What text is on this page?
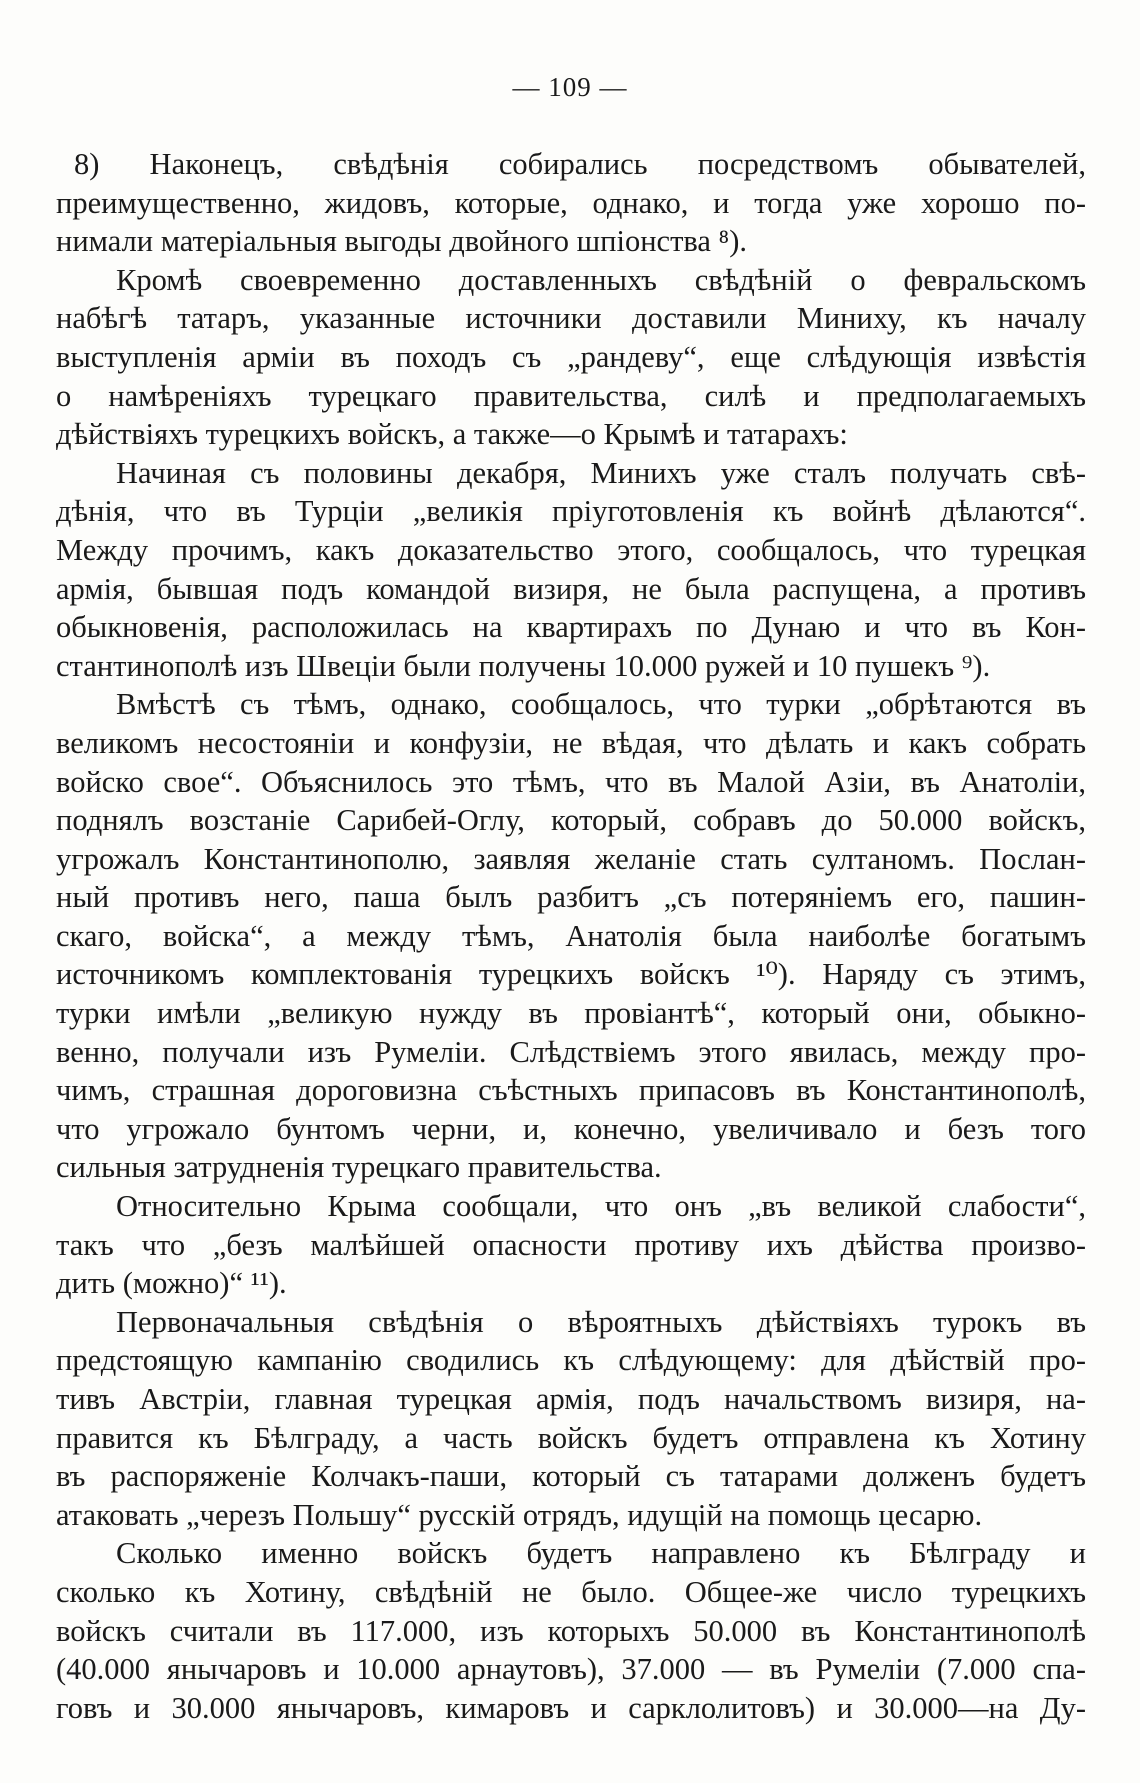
— 109 —
8) Наконецъ, свѣдѣнія собирались посредствомъ обывателей,
преимущественно, жидовъ, которые, однако, и тогда уже хорошо по-
нимали матеріальныя выгоды двойного шпіонства ⁸).
Кромѣ своевременно доставленныхъ свѣдѣній о февральскомъ
набѣгѣ татаръ, указанные источники доставили Миниху, къ началу
выступленія арміи въ походъ съ „рандеву“, еще слѣдующія извѣстія
о намѣреніяхъ турецкаго правительства, силѣ и предполагаемыхъ
дѣйствіяхъ турецкихъ войскъ, а также—о Крымѣ и татарахъ:
Начиная съ половины декабря, Минихъ уже сталъ получать свѣ-
дѣнія, что въ Турціи „великія пріуготовленія къ войнѣ дѣлаются“.
Между прочимъ, какъ доказательство этого, сообщалось, что турецкая
армія, бывшая подъ командой визиря, не была распущена, а противъ
обыкновенія, расположилась на квартирахъ по Дунаю и что въ Кон-
стантинополѣ изъ Швеціи были получены 10.000 ружей и 10 пушекъ ⁹).
Вмѣстѣ съ тѣмъ, однако, сообщалось, что турки „обрѣтаются въ
великомъ несостояніи и конфузіи, не вѣдая, что дѣлать и какъ собрать
войско свое“. Объяснилось это тѣмъ, что въ Малой Азіи, въ Анатоліи,
поднялъ возстаніе Сарибей-Оглу, который, собравъ до 50.000 войскъ,
угрожалъ Константинополю, заявляя желаніе стать султаномъ. Послан-
ный противъ него, паша былъ разбитъ „съ потеряніемъ его, пашин-
скаго, войска“, а между тѣмъ, Анатолія была наиболѣе богатымъ
источникомъ комплектованія турецкихъ войскъ ¹⁰). Наряду съ этимъ,
турки имѣли „великую нужду въ провіантѣ“, который они, обыкно-
венно, получали изъ Румеліи. Слѣдствіемъ этого явилась, между про-
чимъ, страшная дороговизна съѣстныхъ припасовъ въ Константинополѣ,
что угрожало бунтомъ черни, и, конечно, увеличивало и безъ того
сильныя затрудненія турецкаго правительства.
Относительно Крыма сообщали, что онъ „въ великой слабости“,
такъ что „безъ малѣйшей опасности противу ихъ дѣйства произво-
дить (можно)“ ¹¹).
Первоначальныя свѣдѣнія о вѣроятныхъ дѣйствіяхъ турокъ въ
предстоящую кампанію сводились къ слѣдующему: для дѣйствій про-
тивъ Австріи, главная турецкая армія, подъ начальствомъ визиря, на-
правится къ Бѣлграду, а часть войскъ будетъ отправлена къ Хотину
въ распоряженіе Колчакъ-паши, который съ татарами долженъ будетъ
атаковать „черезъ Польшу“ русскій отрядъ, идущій на помощь цесарю.
Сколько именно войскъ будетъ направлено къ Бѣлграду и
сколько къ Хотину, свѣдѣній не было. Общее-же число турецкихъ
войскъ считали въ 117.000, изъ которыхъ 50.000 въ Константинополѣ
(40.000 янычаровъ и 10.000 арнаутовъ), 37.000 — въ Румеліи (7.000 спа-
говъ и 30.000 янычаровъ, кимаровъ и сарклолитовъ) и 30.000—на Ду-
